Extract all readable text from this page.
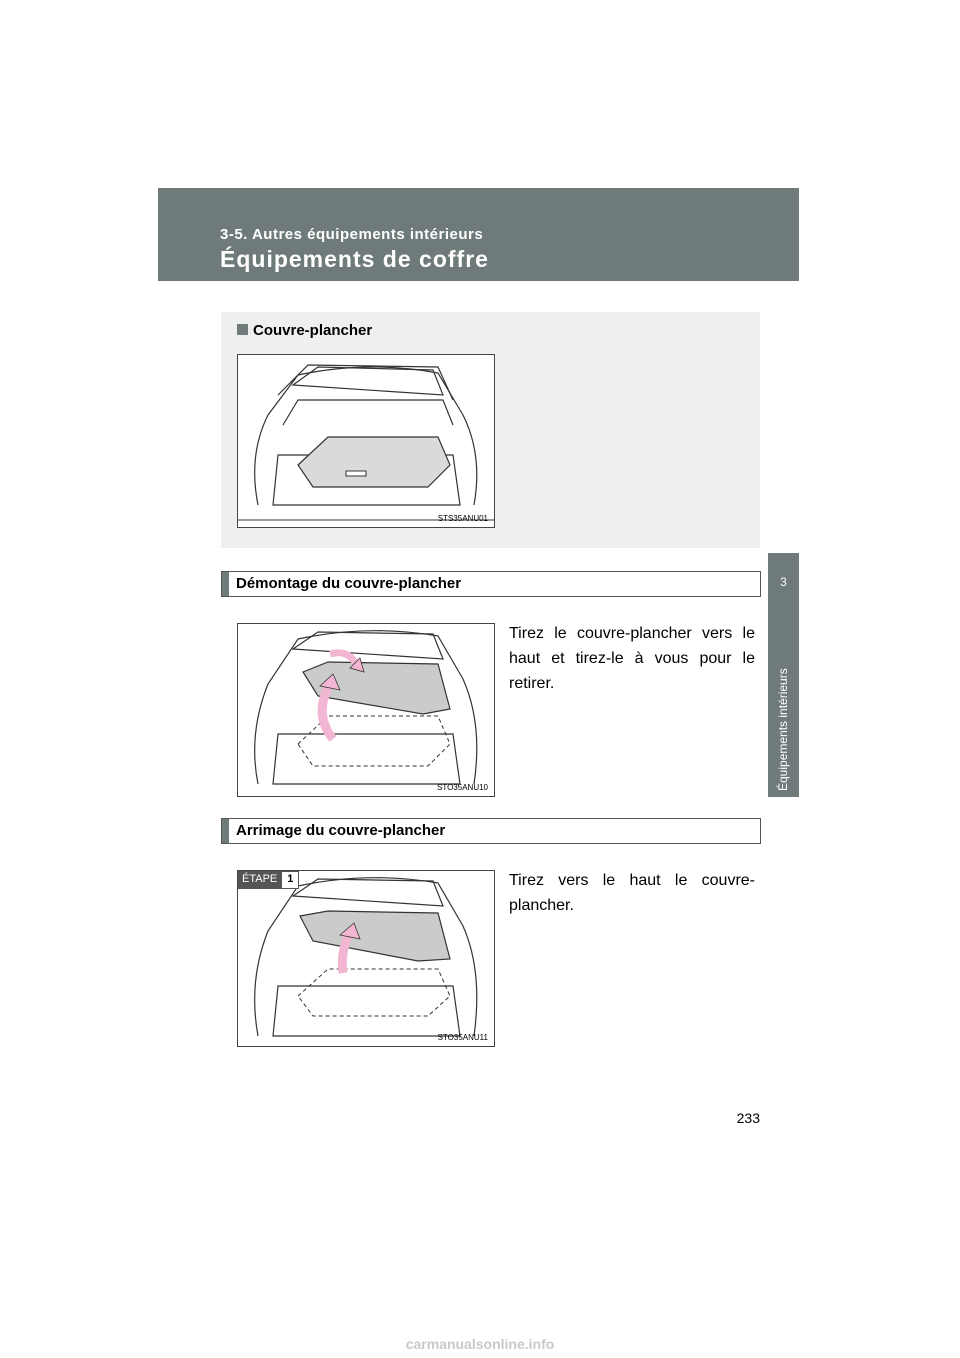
3-5. Autres équipements intérieurs
Équipements de coffre
3
Équipements intérieurs
Couvre-plancher
STS35ANU01
Démontage du couvre-plancher
STO35ANU10
Tirez le couvre-plancher vers le haut et tirez-le à vous pour le retirer.
Arrimage du couvre-plancher
ÉTAPE 1
STO35ANU11
Tirez vers le haut le couvre-plancher.
233
carmanualsonline.info
